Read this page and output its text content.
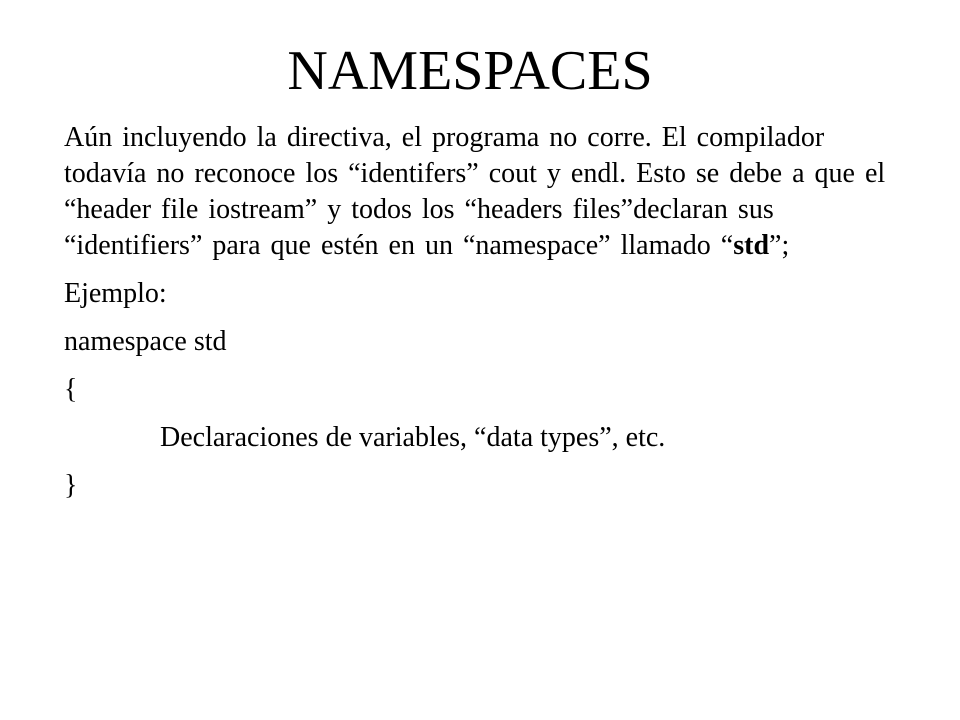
NAMESPACES

Aún incluyendo la directiva, el programa no corre. El compilador todavía no reconoce los “identifers” cout y endl. Esto se debe a que el “header file iostream” y todos los “headers files”declaran sus “identifiers” para que estén en un “namespace” llamado “std”;

Ejemplo:

namespace std

{

Declaraciones de variables, “data types”, etc.

}
